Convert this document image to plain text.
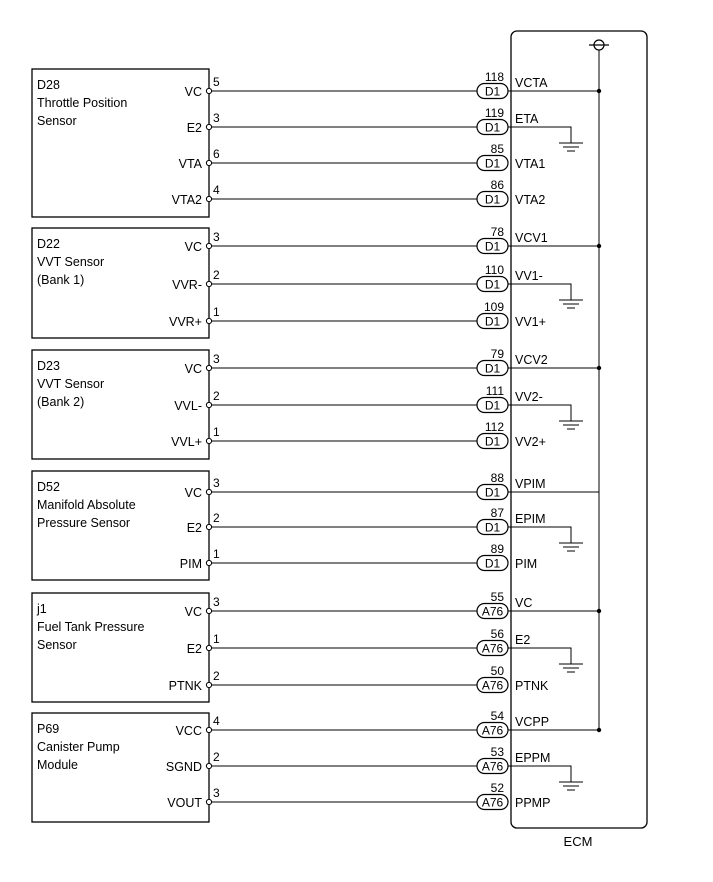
D28
Throttle Position
Sensor
VC
5
E2
3
VTA
6
VTA2
4
D22
VVT Sensor
(Bank 1)
VC
3
VVR-
2
VVR+
1
D23
VVT Sensor
(Bank 2)
VC
3
VVL-
2
VVL+
1
D52
Manifold Absolute
Pressure Sensor
VC
3
E2
2
PIM
1
j1
Fuel Tank Pressure
Sensor
VC
3
E2
1
PTNK
2
P69
Canister Pump
Module
VCC
4
SGND
2
VOUT
3
D1
118 VCTA
D1
119 ETA
D1
85
VTA1
D1
86
VTA2
D1
78 VCV1
D1
110 VV1-
D1
109
VV1+
D1
79 VCV2
D1
111 VV2-
D1
112
VV2+
D1
88 VPIM
D1
87 EPIM
D1
89
PIM
A76
55 VC
A76
56 E2
A76
50
PTNK
A76
54 VCPP
A76
53 EPPM
A76
52
PPMP
ECM
